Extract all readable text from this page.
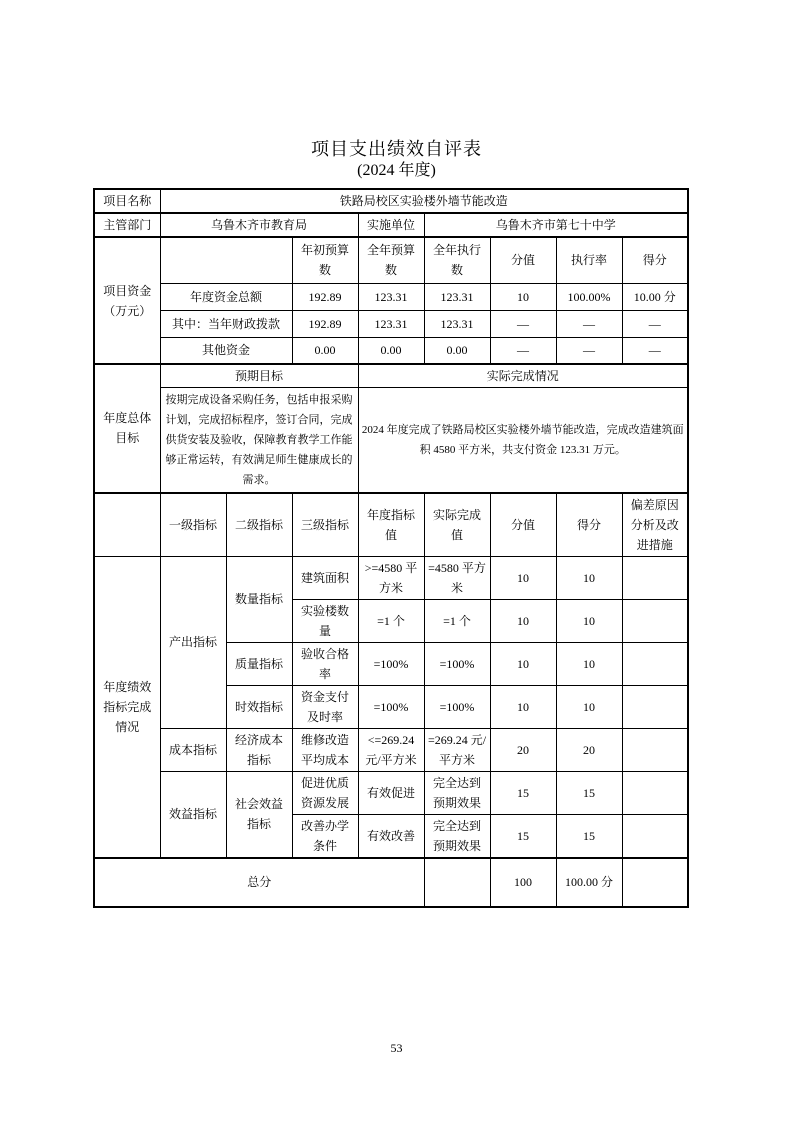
项目支出绩效自评表
(2024 年度)
项目名称	铁路局校区实验楼外墙节能改造							
主管部门	乌鲁木齐市教育局			实施单位	乌鲁木齐市第七十中学			
项目资金（万元）			年初预算数	全年预算数	全年执行数	分值	执行率	得分
	年度资金总额		192.89	123.31	123.31	10	100.00%	10.00 分
	其中：当年财政拨款		192.89	123.31	123.31	—	—	—
	其他资金		0.00	0.00	0.00	—	—	—
年度总体目标	预期目标			实际完成情况				
	按期完成设备采购任务，包括申报采购计划，完成招标程序，签订合同，完成供货安装及验收，保障教育教学工作能够正常运转，有效满足师生健康成长的需求。			2024 年度完成了铁路局校区实验楼外墙节能改造，完成改造建筑面积 4580 平方米，共支付资金 123.31 万元。				
	一级指标	二级指标	三级指标	年度指标值	实际完成值	分值	得分	偏差原因分析及改进措施
年度绩效指标完成情况	产出指标	数量指标	建筑面积	>=4580 平方米	=4580 平方米	10	10	
			实验楼数量	=1 个	=1 个	10	10	
		质量指标	验收合格率	=100%	=100%	10	10	
		时效指标	资金支付及时率	=100%	=100%	10	10	
	成本指标	经济成本指标	维修改造平均成本	<=269.24 元/平方米	=269.24 元/平方米	20	20	
	效益指标	社会效益指标	促进优质资源发展	有效促进	完全达到预期效果	15	15	
			改善办学条件	有效改善	完全达到预期效果	15	15	
总分						100	100.00 分	
53
